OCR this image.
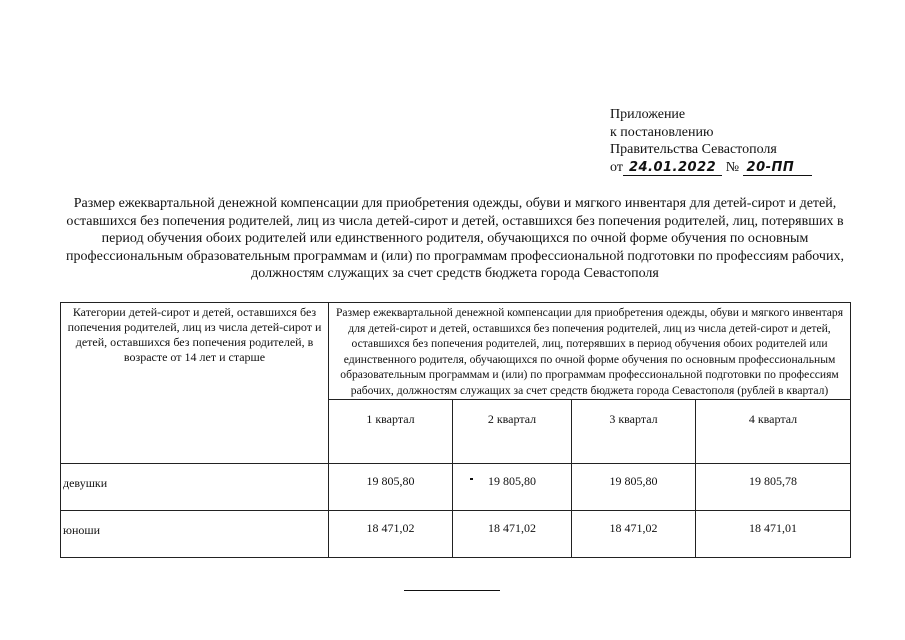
Приложение
к постановлению
Правительства Севастополя
от 24.01.2022 № 20-ПП
Размер ежеквартальной денежной компенсации для приобретения одежды, обуви и мягкого инвентаря для детей-сирот и детей, оставшихся без попечения родителей, лиц из числа детей-сирот и детей, оставшихся без попечения родителей, лиц, потерявших в период обучения обоих родителей или единственного родителя, обучающихся по очной форме обучения по основным профессиональным образовательным программам и (или) по программам профессиональной подготовки по профессиям рабочих, должностям служащих за счет средств бюджета города Севастополя
Категории детей-сирот и детей, оставшихся без попечения родителей, лиц из числа детей-сирот и детей, оставшихся без попечения родителей, в возрасте от 14 лет и старше	Размер ежеквартальной денежной компенсации для приобретения одежды, обуви и мягкого инвентаря для детей-сирот и детей, оставшихся без попечения родителей, лиц из числа детей-сирот и детей, оставшихся без попечения родителей, лиц, потерявших в период обучения обоих родителей или единственного родителя, обучающихся по очной форме обучения по основным профессиональным образовательным программам и (или) по программам профессиональной подготовки по профессиям рабочих, должностям служащих за счет средств бюджета города Севастополя (рублей в квартал)			
	1 квартал	2 квартал	3 квартал	4 квартал
девушки	19 805,80	19 805,80	19 805,80	19 805,78
юноши	18 471,02	18 471,02	18 471,02	18 471,01
